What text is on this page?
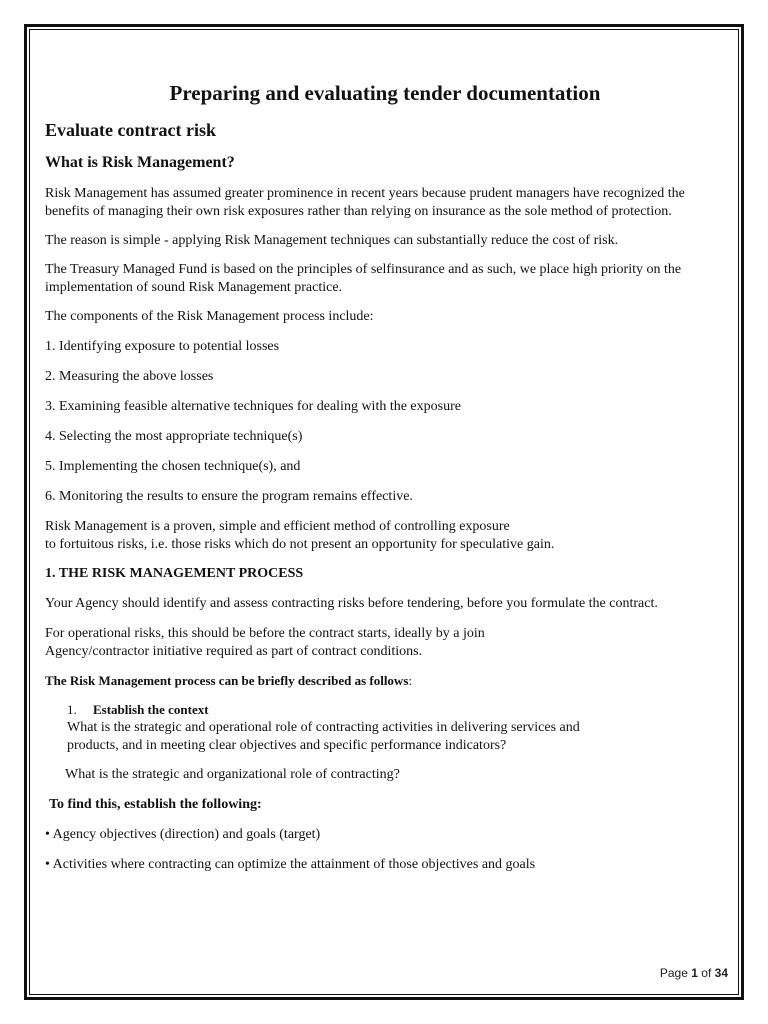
Preparing and evaluating tender documentation
Evaluate contract risk
What is Risk Management?
Risk Management has assumed greater prominence in recent years because prudent managers have recognized the benefits of managing their own risk exposures rather than relying on insurance as the sole method of protection.
The reason is simple - applying Risk Management techniques can substantially reduce the cost of risk.
The Treasury Managed Fund is based on the principles of selfinsurance and as such, we place high priority on the implementation of sound Risk Management practice.
The components of the Risk Management process include:
1. Identifying exposure to potential losses
2. Measuring the above losses
3. Examining feasible alternative techniques for dealing with the exposure
4. Selecting the most appropriate technique(s)
5. Implementing the chosen technique(s), and
6. Monitoring the results to ensure the program remains effective.
Risk Management is a proven, simple and efficient method of controlling exposure
to fortuitous risks, i.e. those risks which do not present an opportunity for speculative gain.
1. THE RISK MANAGEMENT PROCESS
Your Agency should identify and assess contracting risks before tendering, before you formulate the contract.
For operational risks, this should be before the contract starts, ideally by a join
Agency/contractor initiative required as part of contract conditions.
The Risk Management process can be briefly described as follows:
1. Establish the context
What is the strategic and operational role of contracting activities in delivering services and
products, and in meeting clear objectives and specific performance indicators?
What is the strategic and organizational role of contracting?
To find this, establish the following:
• Agency objectives (direction) and goals (target)
• Activities where contracting can optimize the attainment of those objectives and goals
Page 1 of 34
